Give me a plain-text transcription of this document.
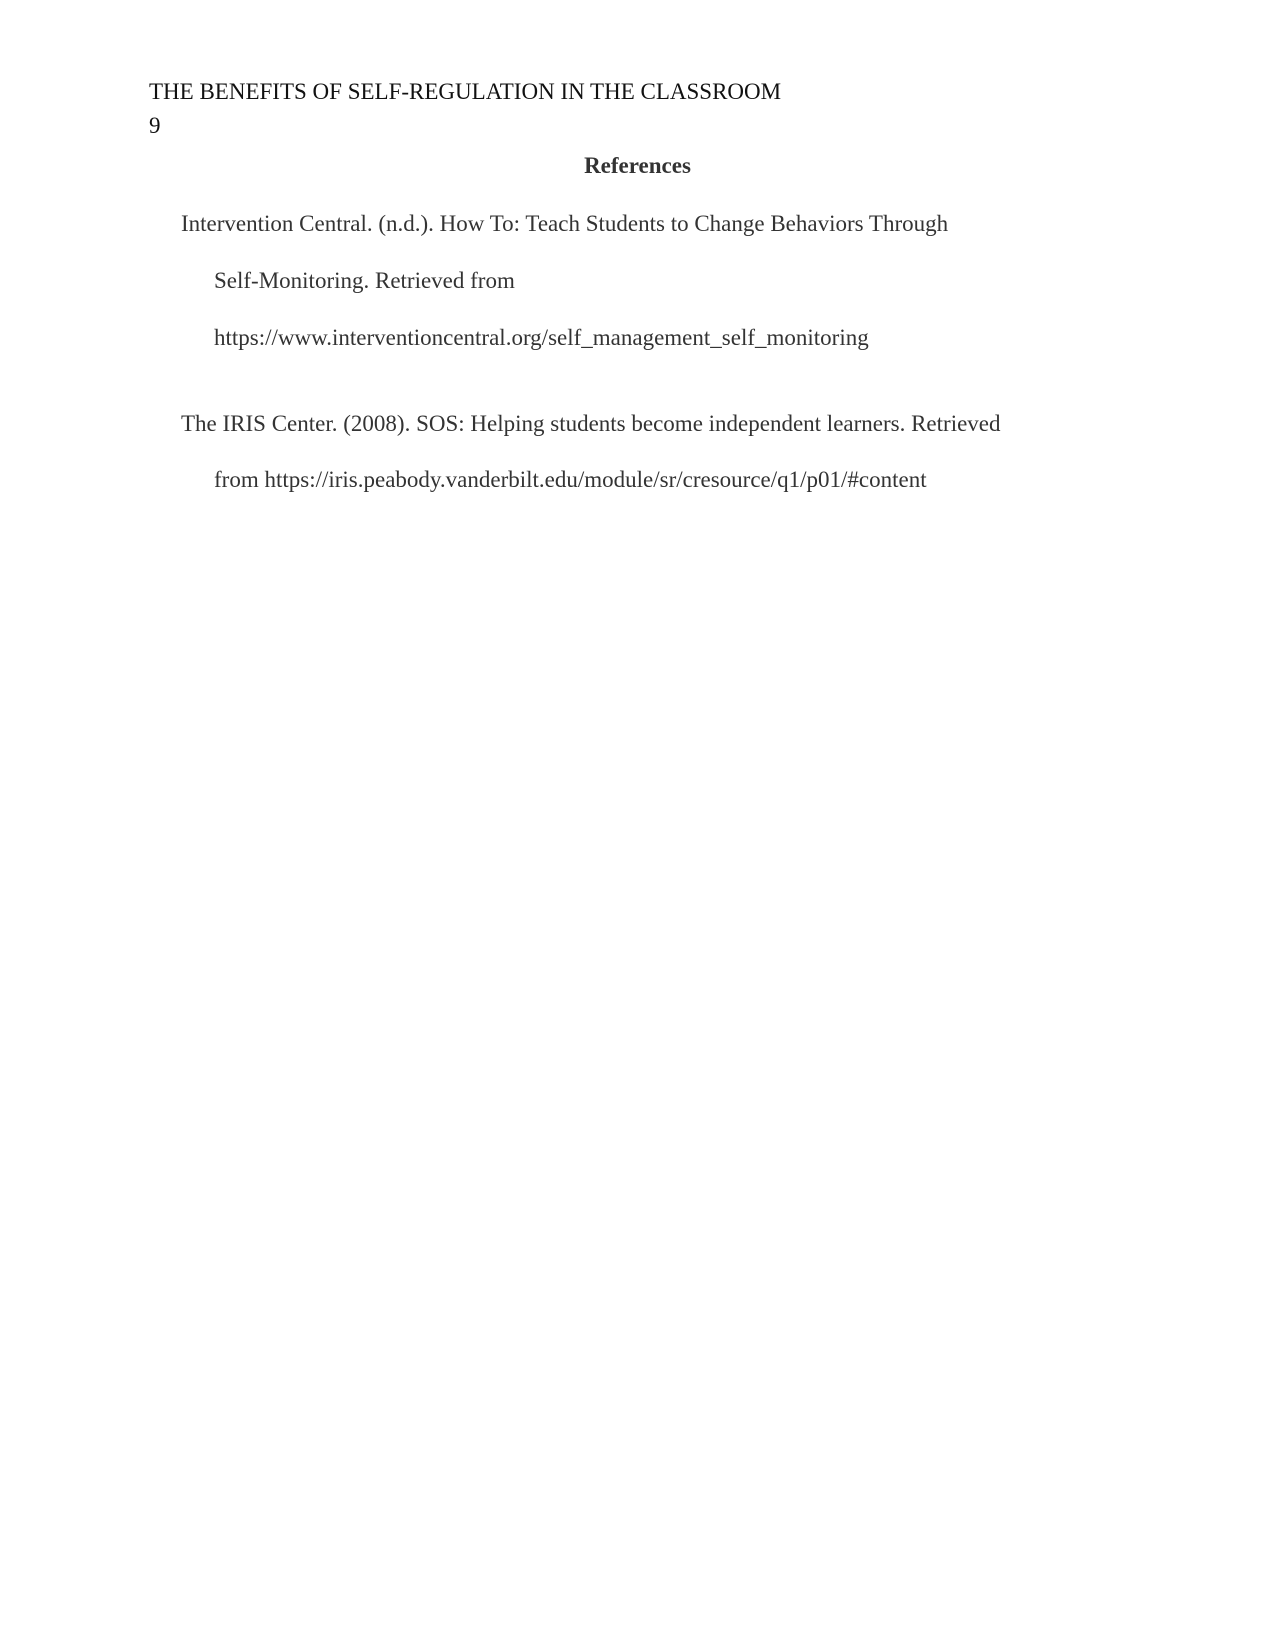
THE BENEFITS OF SELF-REGULATION IN THE CLASSROOM
9
References
Intervention Central. (n.d.). How To: Teach Students to Change Behaviors Through
Self-Monitoring. Retrieved from
https://www.interventioncentral.org/self_management_self_monitoring
The IRIS Center. (2008). SOS: Helping students become independent learners. Retrieved
from https://iris.peabody.vanderbilt.edu/module/sr/cresource/q1/p01/#content
